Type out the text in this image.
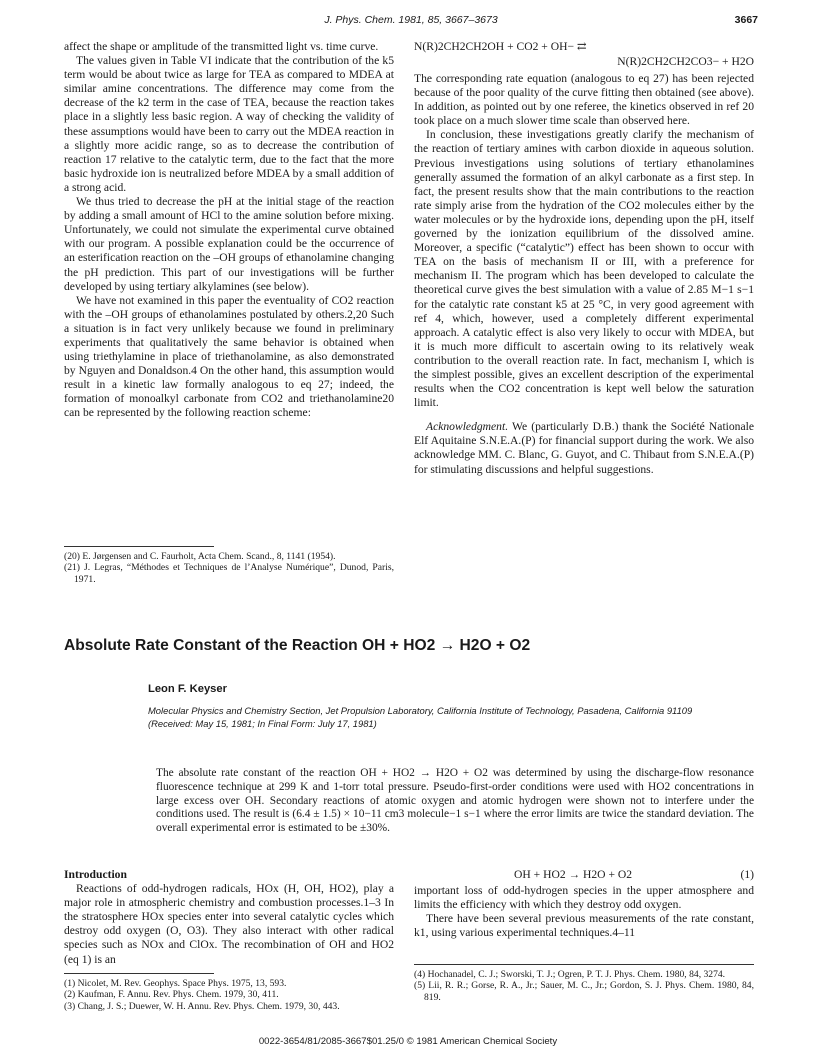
J. Phys. Chem. 1981, 85, 3667–3673	3667

affect the shape or amplitude of the transmitted light vs. time curve.

The values given in Table VI indicate that the contribution of the k5 term would be about twice as large for TEA as compared to MDEA at similar amine concentrations. The difference may come from the decrease of the k2 term in the case of TEA, because the reaction takes place in a slightly less basic region. A way of checking the validity of these assumptions would have been to carry out the MDEA reaction in a slightly more acidic range, so as to decrease the contribution of reaction 17 relative to the catalytic term, due to the fact that the more basic hydroxide ion is neutralized before MDEA by a small addition of a strong acid.

We thus tried to decrease the pH at the initial stage of the reaction by adding a small amount of HCl to the amine solution before mixing. Unfortunately, we could not simulate the experimental curve obtained with our program. A possible explanation could be the occurrence of an esterification reaction on the –OH groups of ethanolamine changing the pH prediction. This part of our investigations will be further developed by using tertiary alkylamines (see below).

We have not examined in this paper the eventuality of CO2 reaction with the –OH groups of ethanolamines postulated by others.2,20 Such a situation is in fact very unlikely because we found in preliminary experiments that qualitatively the same behavior is obtained when using triethylamine in place of triethanolamine, as also demonstrated by Nguyen and Donaldson.4 On the other hand, this assumption would result in a kinetic law formally analogous to eq 27; indeed, the formation of monoalkyl carbonate from CO2 and triethanolamine20 can be represented by the following reaction scheme:

(20) E. Jørgensen and C. Faurholt, Acta Chem. Scand., 8, 1141 (1954).

(21) J. Legras, “Méthodes et Techniques de l’Analyse Numérique”, Dunod, Paris, 1971.

N(R)2CH2CH2OH + CO2 + OH− ⇄
N(R)2CH2CH2CO3− + H2O

The corresponding rate equation (analogous to eq 27) has been rejected because of the poor quality of the curve fitting then obtained (see above). In addition, as pointed out by one referee, the kinetics observed in ref 20 took place on a much slower time scale than observed here.

In conclusion, these investigations greatly clarify the mechanism of the reaction of tertiary amines with carbon dioxide in aqueous solution. Previous investigations using solutions of tertiary ethanolamines generally assumed the formation of an alkyl carbonate as a first step. In fact, the present results show that the main contributions to the reaction rate simply arise from the hydration of the CO2 molecules either by the water molecules or by the hydroxide ions, depending upon the pH, itself governed by the ionization equilibrium of the dissolved amine. Moreover, a specific (“catalytic”) effect has been shown to occur with TEA on the basis of mechanism II or III, with a preference for mechanism II. The program which has been developed to calculate the theoretical curve gives the best simulation with a value of 2.85 M−1 s−1 for the catalytic rate constant k5 at 25 °C, in very good agreement with ref 4, which, however, used a completely different experimental approach. A catalytic effect is also very likely to occur with MDEA, but it is much more difficult to ascertain owing to its relatively weak contribution to the overall reaction rate. In fact, mechanism I, which is the simplest possible, gives an excellent description of the experimental results when the CO2 concentration is kept well below the saturation limit.

Acknowledgment. We (particularly D.B.) thank the Société Nationale Elf Aquitaine S.N.E.A.(P) for financial support during the work. We also acknowledge MM. C. Blanc, G. Guyot, and C. Thibaut from S.N.E.A.(P) for stimulating discussions and helpful suggestions.

Absolute Rate Constant of the Reaction OH + HO2 → H2O + O2
Leon F. Keyser
Molecular Physics and Chemistry Section, Jet Propulsion Laboratory, California Institute of Technology, Pasadena, California 91109
(Received: May 15, 1981; In Final Form: July 17, 1981)
The absolute rate constant of the reaction OH + HO2 → H2O + O2 was determined by using the discharge-flow resonance fluorescence technique at 299 K and 1-torr total pressure. Pseudo-first-order conditions were used with HO2 concentrations in large excess over OH. Secondary reactions of atomic oxygen and atomic hydrogen were shown not to interfere under the conditions used. The result is (6.4 ± 1.5) × 10−11 cm3 molecule−1 s−1 where the error limits are twice the standard deviation. The overall experimental error is estimated to be ±30%.

Introduction

Reactions of odd-hydrogen radicals, HOx (H, OH, HO2), play a major role in atmospheric chemistry and combustion processes.1–3 In the stratosphere HOx species enter into several catalytic cycles which destroy odd oxygen (O, O3). They also interact with other radical species such as NOx and ClOx. The recombination of OH and HO2 (eq 1) is an

OH + HO2 → H2O + O2	(1)

important loss of odd-hydrogen species in the upper atmosphere and limits the efficiency with which they destroy odd oxygen.

There have been several previous measurements of the rate constant, k1, using various experimental techniques.4–11

(1) Nicolet, M. Rev. Geophys. Space Phys. 1975, 13, 593.

(2) Kaufman, F. Annu. Rev. Phys. Chem. 1979, 30, 411.

(3) Chang, J. S.; Duewer, W. H. Annu. Rev. Phys. Chem. 1979, 30, 443.

(4) Hochanadel, C. J.; Sworski, T. J.; Ogren, P. T. J. Phys. Chem. 1980, 84, 3274.

(5) Lii, R. R.; Gorse, R. A., Jr.; Sauer, M. C., Jr.; Gordon, S. J. Phys. Chem. 1980, 84, 819.

0022-3654/81/2085-3667$01.25/0 © 1981 American Chemical Society
